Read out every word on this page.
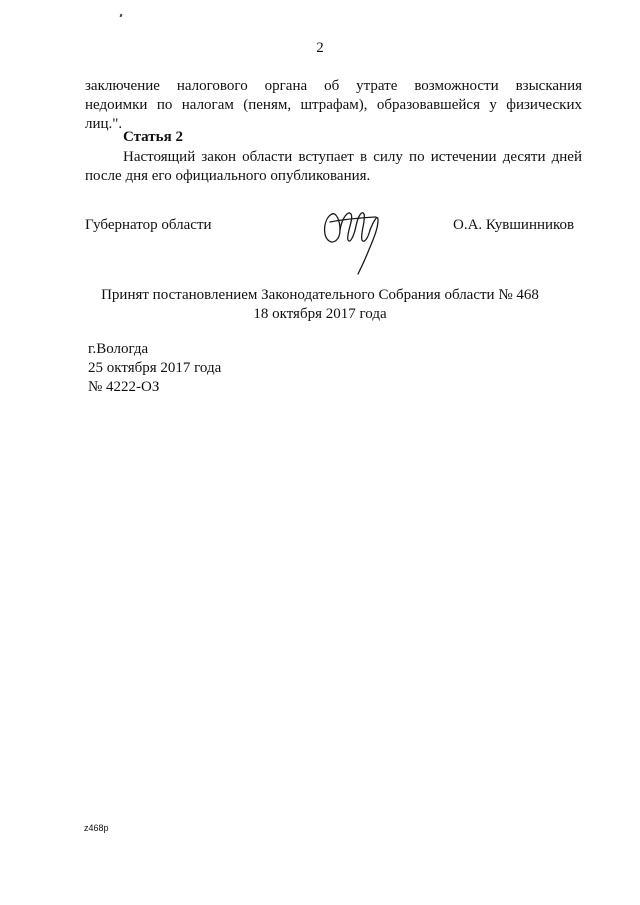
2
заключение налогового органа об утрате возможности взыскания
недоимки по налогам (пеням, штрафам), образовавшейся у физических лиц.".
Статья 2
Настоящий закон области вступает в силу по истечении десяти дней
после дня его официального опубликования.
Губернатор области	О.А. Кувшинников
Принят постановлением Законодательного Собрания области № 468
18 октября 2017 года
г.Вологда
25 октября 2017 года
№ 4222-ОЗ
z468р
